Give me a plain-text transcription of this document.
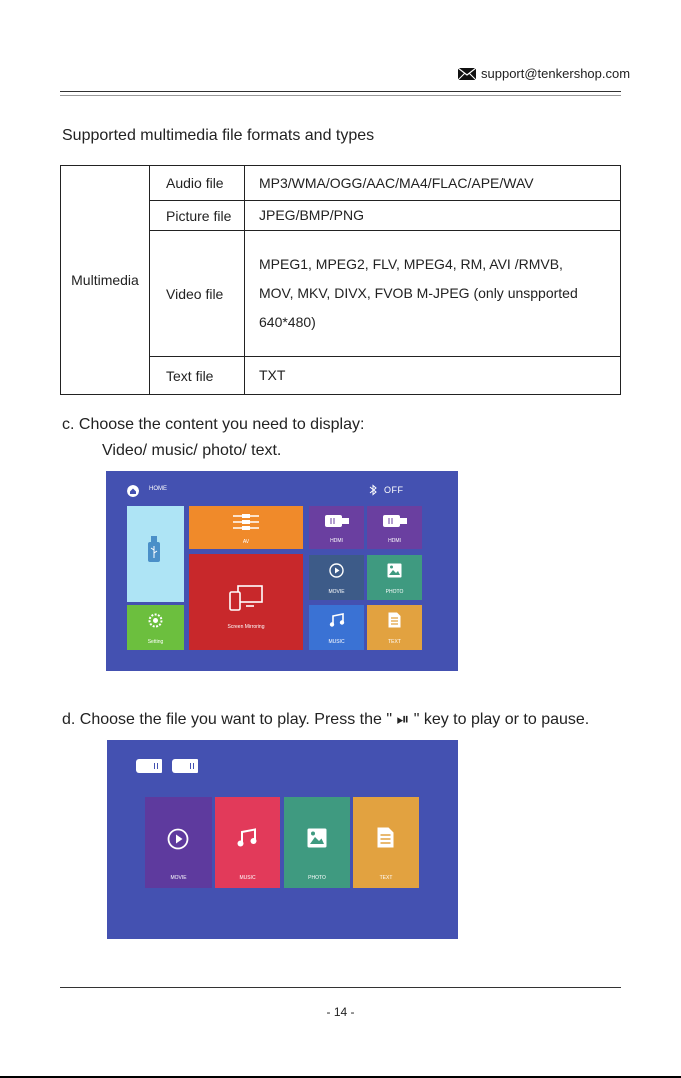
support@tenkershop.com
Supported multimedia file formats and types
Multimedia	Audio file	MP3/WMA/OGG/AAC/MA4/FLAC/APE/WAV
	Picture file	JPEG/BMP/PNG
	Video file	MPEG1, MPEG2, FLV, MPEG4, RM, AVI /RMVB, MOV, MKV, DIVX, FVOB M-JPEG (only unspported 640*480)
	Text file	TXT
c. Choose the content you need to display:
Video/ music/ photo/ text.
HOME	OFF
Setting
AV
Screen Mirroring
HDMI	HDMI
MOVIE	PHOTO
MUSIC	TEXT
d. Choose the file you want to play. Press the " ⏯ " key to play or to pause.
MOVIE	MUSIC	PHOTO	TEXT
- 14 -
